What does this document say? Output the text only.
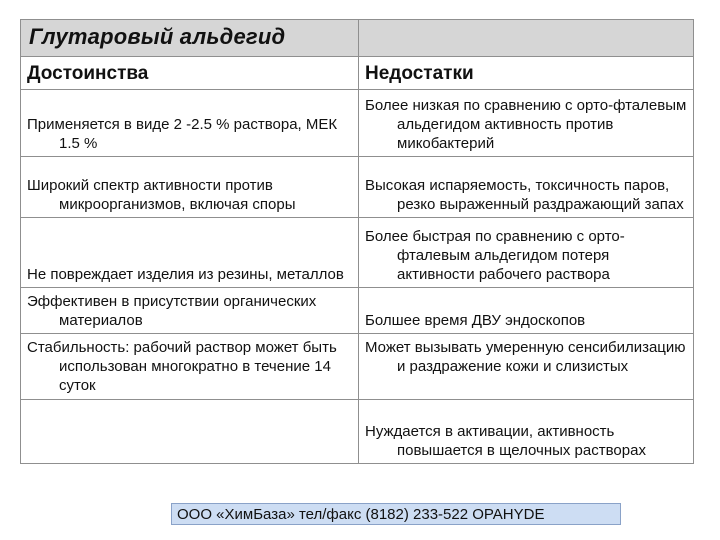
Глутаровый альдегид	
Достоинства	Недостатки

Применяется в виде 2 -2.5 % раствора, МЕК 1.5 %	Более низкая по сравнению с орто-фталевым альдегидом активность против микобактерий

Широкий спектр активности против микроорганизмов, включая споры	Высокая испаряемость, токсичность паров, резко выраженный раздражающий запах

Не повреждает изделия из резины, металлов	Более быстрая по сравнению с орто-фталевым альдегидом потеря активности рабочего раствора

Эффективен в присутствии органических материалов	Болшее время ДВУ эндоскопов

Стабильность: рабочий раствор может быть использован многократно в течение 14 суток	Может вызывать умеренную сенсибилизацию и раздражение кожи и слизистых

	Нуждается в активации, активность повышается в щелочных растворах
ООО «ХимБаза» тел/факс (8182) 233-522 OPAHYDE
